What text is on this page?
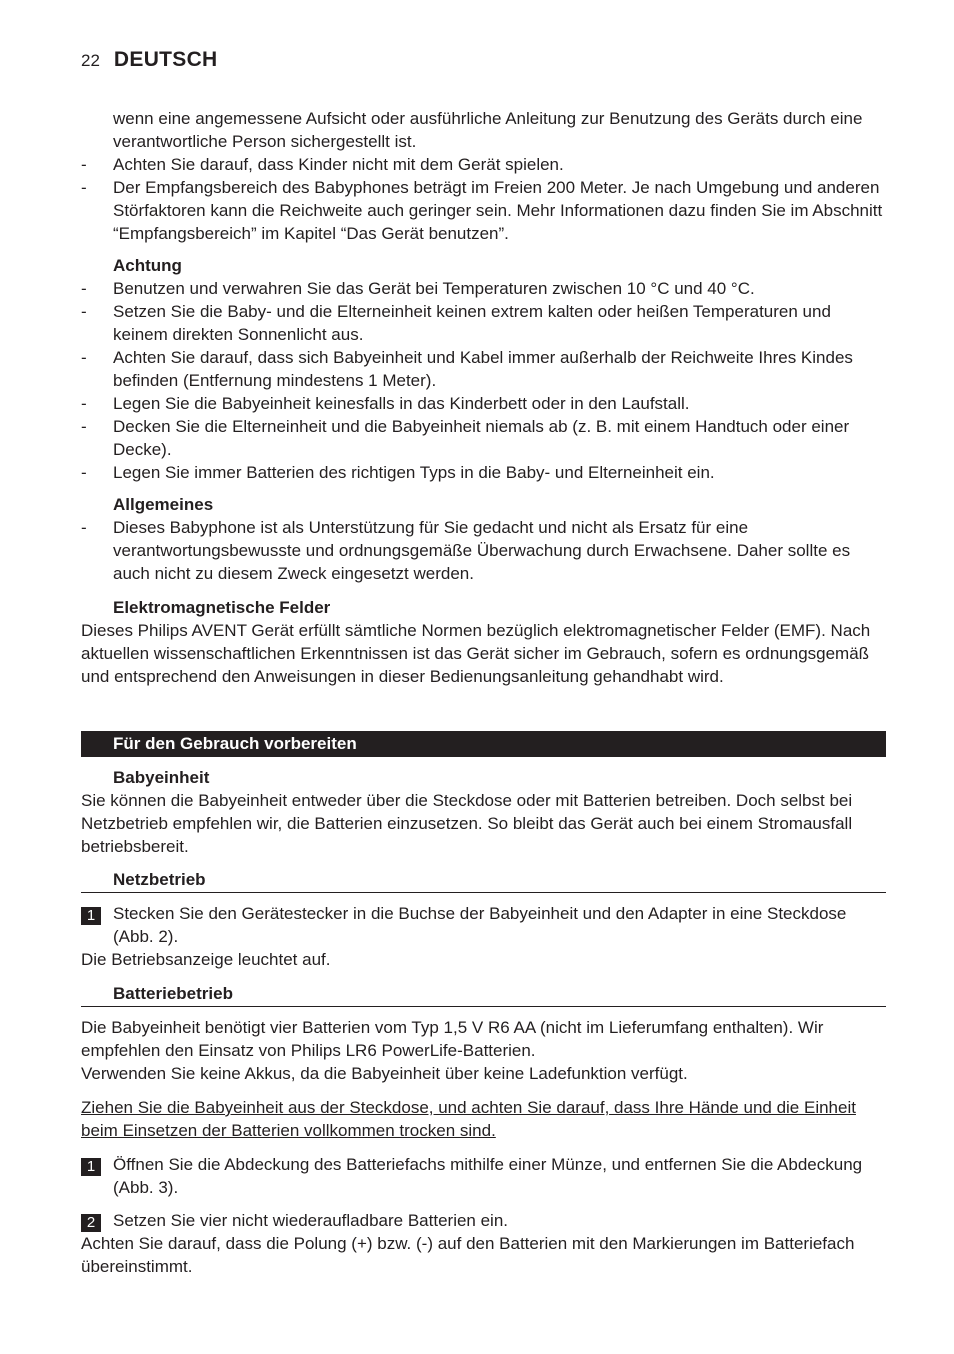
22 DEUTSCH

wenn eine angemessene Aufsicht oder ausführliche Anleitung zur Benutzung des Geräts durch eine verantwortliche Person sichergestellt ist.

-	Achten Sie darauf, dass Kinder nicht mit dem Gerät spielen.
-	Der Empfangsbereich des Babyphones beträgt im Freien 200 Meter. Je nach Umgebung und anderen Störfaktoren kann die Reichweite auch geringer sein. Mehr Informationen dazu finden Sie im Abschnitt “Empfangsbereich” im Kapitel “Das Gerät benutzen”.

Achtung

-	Benutzen und verwahren Sie das Gerät bei Temperaturen zwischen 10 °C und 40 °C.
-	Setzen Sie die Baby- und die Elterneinheit keinen extrem kalten oder heißen Temperaturen und keinem direkten Sonnenlicht aus.
-	Achten Sie darauf, dass sich Babyeinheit und Kabel immer außerhalb der Reichweite Ihres Kindes befinden (Entfernung mindestens 1 Meter).
-	Legen Sie die Babyeinheit keinesfalls in das Kinderbett oder in den Laufstall.
-	Decken Sie die Elterneinheit und die Babyeinheit niemals ab (z. B. mit einem Handtuch oder einer Decke).
-	Legen Sie immer Batterien des richtigen Typs in die Baby- und Elterneinheit ein.

Allgemeines

-	Dieses Babyphone ist als Unterstützung für Sie gedacht und nicht als Ersatz für eine verantwortungsbewusste und ordnungsgemäße Überwachung durch Erwachsene. Daher sollte es auch nicht zu diesem Zweck eingesetzt werden.

Elektromagnetische Felder

Dieses Philips AVENT Gerät erfüllt sämtliche Normen bezüglich elektromagnetischer Felder (EMF). Nach aktuellen wissenschaftlichen Erkenntnissen ist das Gerät sicher im Gebrauch, sofern es ordnungsgemäß und entsprechend den Anweisungen in dieser Bedienungsanleitung gehandhabt wird.

Für den Gebrauch vorbereiten

Babyeinheit

Sie können die Babyeinheit entweder über die Steckdose oder mit Batterien betreiben. Doch selbst bei Netzbetrieb empfehlen wir, die Batterien einzusetzen. So bleibt das Gerät auch bei einem Stromausfall betriebsbereit.

Netzbetrieb
1	Stecken Sie den Gerätestecker in die Buchse der Babyeinheit und den Adapter in eine Steckdose (Abb. 2).

Die Betriebsanzeige leuchtet auf.

Batteriebetrieb

Die Babyeinheit benötigt vier Batterien vom Typ 1,5 V R6 AA (nicht im Lieferumfang enthalten). Wir empfehlen den Einsatz von Philips LR6 PowerLife-Batterien.

Verwenden Sie keine Akkus, da die Babyeinheit über keine Ladefunktion verfügt.

Ziehen Sie die Babyeinheit aus der Steckdose, und achten Sie darauf, dass Ihre Hände und die Einheit beim Einsetzen der Batterien vollkommen trocken sind.

1	Öffnen Sie die Abdeckung des Batteriefachs mithilfe einer Münze, und entfernen Sie die Abdeckung (Abb. 3).
2	Setzen Sie vier nicht wiederaufladbare Batterien ein.

Achten Sie darauf, dass die Polung (+) bzw. (-) auf den Batterien mit den Markierungen im Batteriefach übereinstimmt.
